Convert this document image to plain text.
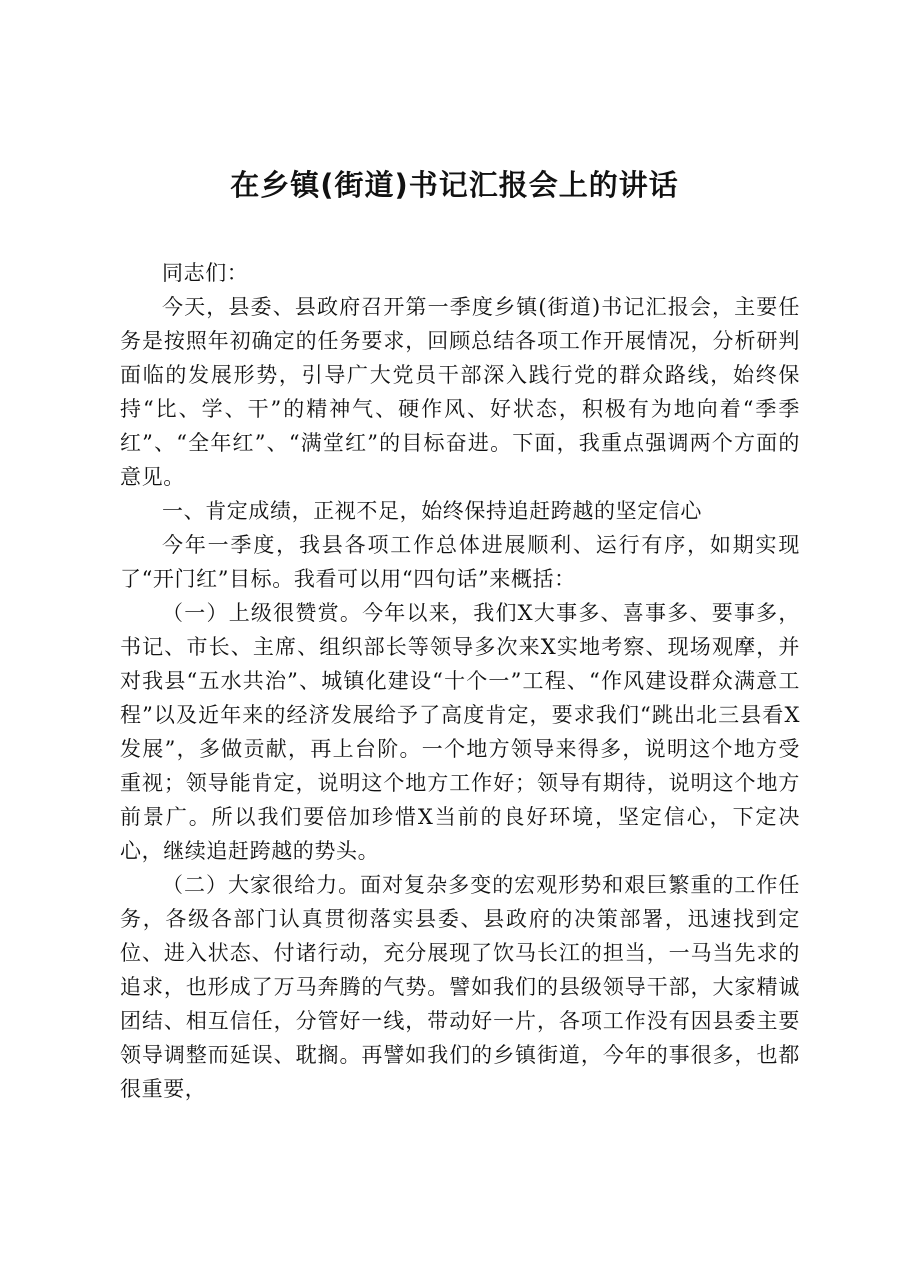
在乡镇(街道)书记汇报会上的讲话

同志们：

今天，县委、县政府召开第一季度乡镇(街道)书记汇报会，主要任务是按照年初确定的任务要求，回顾总结各项工作开展情况，分析研判面临的发展形势，引导广大党员干部深入践行党的群众路线，始终保持“比、学、干”的精神气、硬作风、好状态，积极有为地向着“季季红”、“全年红”、“满堂红”的目标奋进。下面，我重点强调两个方面的意见。

一、肯定成绩，正视不足，始终保持追赶跨越的坚定信心

今年一季度，我县各项工作总体进展顺利、运行有序，如期实现了“开门红”目标。我看可以用“四句话”来概括：

（一）上级很赞赏。今年以来，我们X大事多、喜事多、要事多，书记、市长、主席、组织部长等领导多次来X实地考察、现场观摩，并对我县“五水共治”、城镇化建设“十个一”工程、“作风建设群众满意工程”以及近年来的经济发展给予了高度肯定，要求我们“跳出北三县看X发展”，多做贡献，再上台阶。一个地方领导来得多，说明这个地方受重视；领导能肯定，说明这个地方工作好；领导有期待，说明这个地方前景广。所以我们要倍加珍惜X当前的良好环境，坚定信心，下定决心，继续追赶跨越的势头。

（二）大家很给力。面对复杂多变的宏观形势和艰巨繁重的工作任务，各级各部门认真贯彻落实县委、县政府的决策部署，迅速找到定位、进入状态、付诸行动，充分展现了饮马长江的担当，一马当先求的追求，也形成了万马奔腾的气势。譬如我们的县级领导干部，大家精诚团结、相互信任，分管好一线，带动好一片，各项工作没有因县委主要领导调整而延误、耽搁。再譬如我们的乡镇街道，今年的事很多，也都很重要，
